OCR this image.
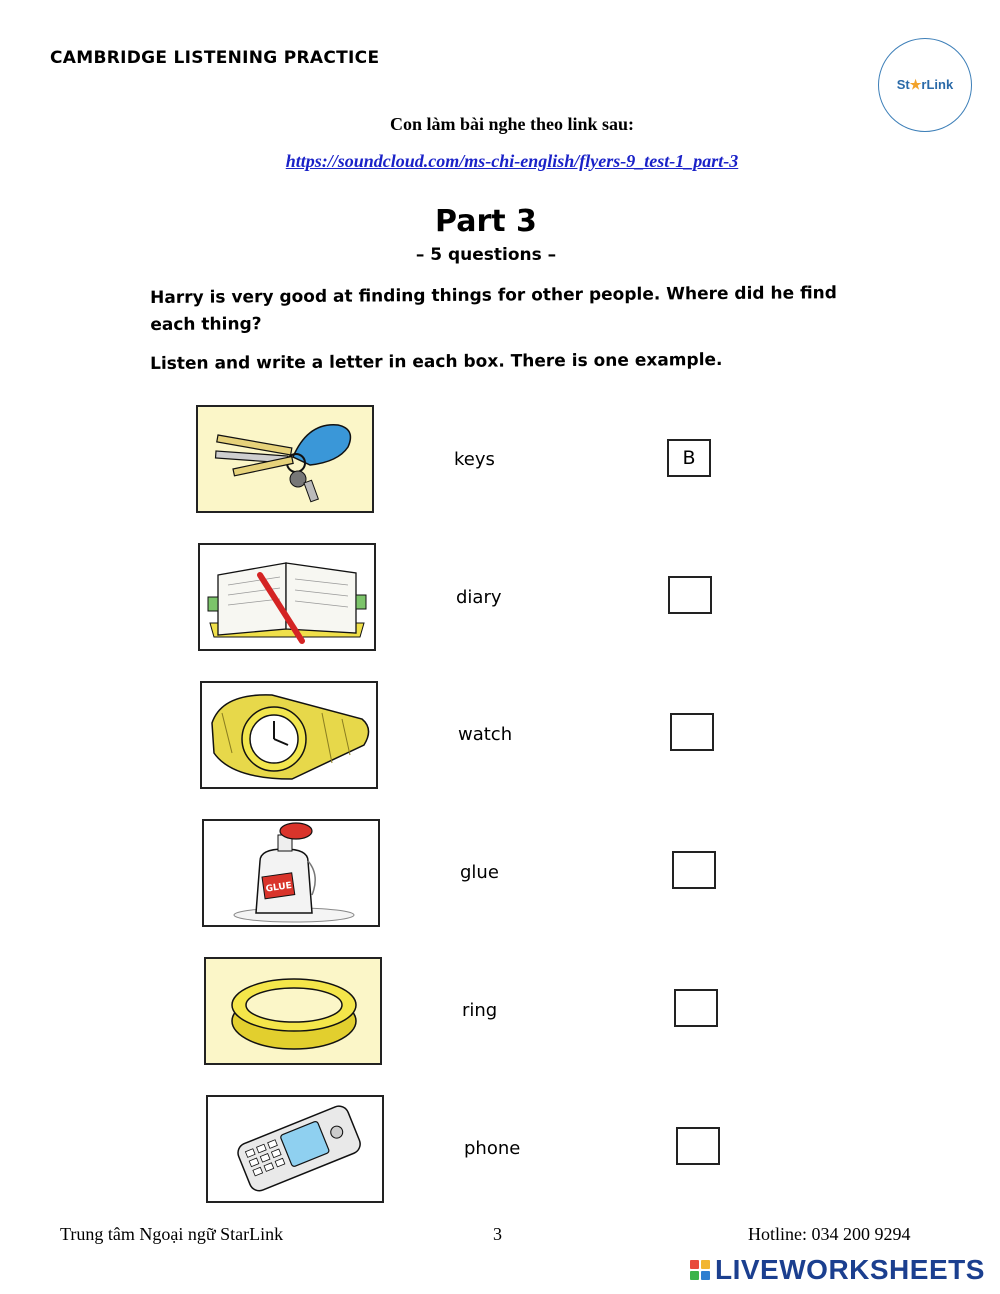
CAMBRIDGE LISTENING PRACTICE
St★rLink
Con làm bài nghe theo link sau:
https://soundcloud.com/ms-chi-english/flyers-9_test-1_part-3
Part 3
– 5 questions –
Harry is very good at finding things for other people. Where did he find each thing?
Listen and write a letter in each box. There is one example.
keys	B
diary
watch
GLUE
glue
ring
phone
Trung tâm Ngoại ngữ StarLink	3	Hotline: 034 200 9294
LIVEWORKSHEETS
